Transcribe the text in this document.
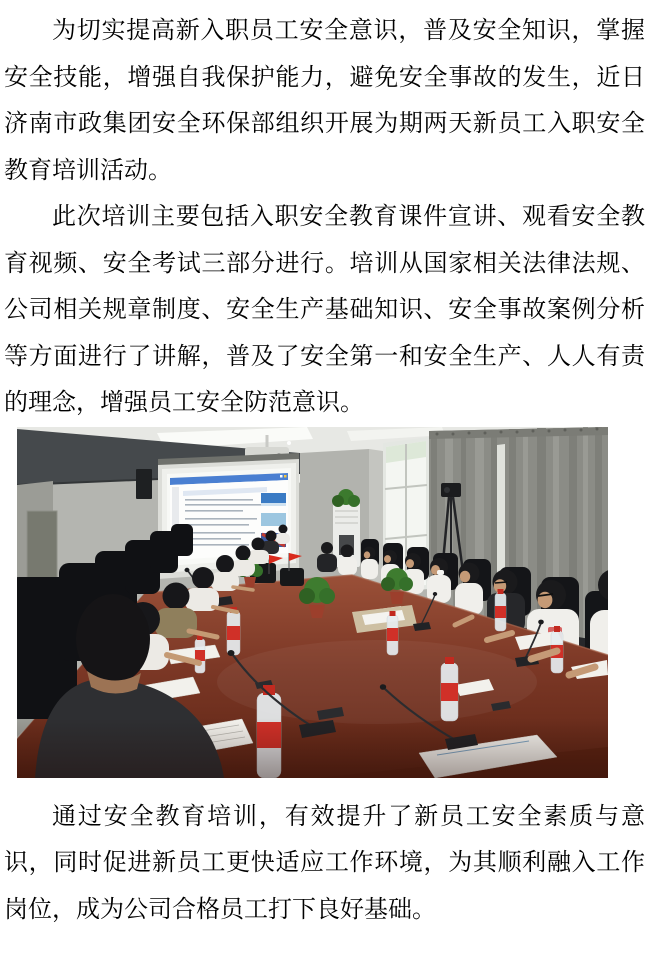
为切实提高新入职员工安全意识，普及安全知识，掌握安全技能，增强自我保护能力，避免安全事故的发生，近日济南市政集团安全环保部组织开展为期两天新员工入职安全教育培训活动。

此次培训主要包括入职安全教育课件宣讲、观看安全教育视频、安全考试三部分进行。培训从国家相关法律法规、公司相关规章制度、安全生产基础知识、安全事故案例分析等方面进行了讲解，普及了安全第一和安全生产、人人有责的理念，增强员工安全防范意识。

通过安全教育培训，有效提升了新员工安全素质与意识，同时促进新员工更快适应工作环境，为其顺利融入工作岗位，成为公司合格员工打下良好基础。
